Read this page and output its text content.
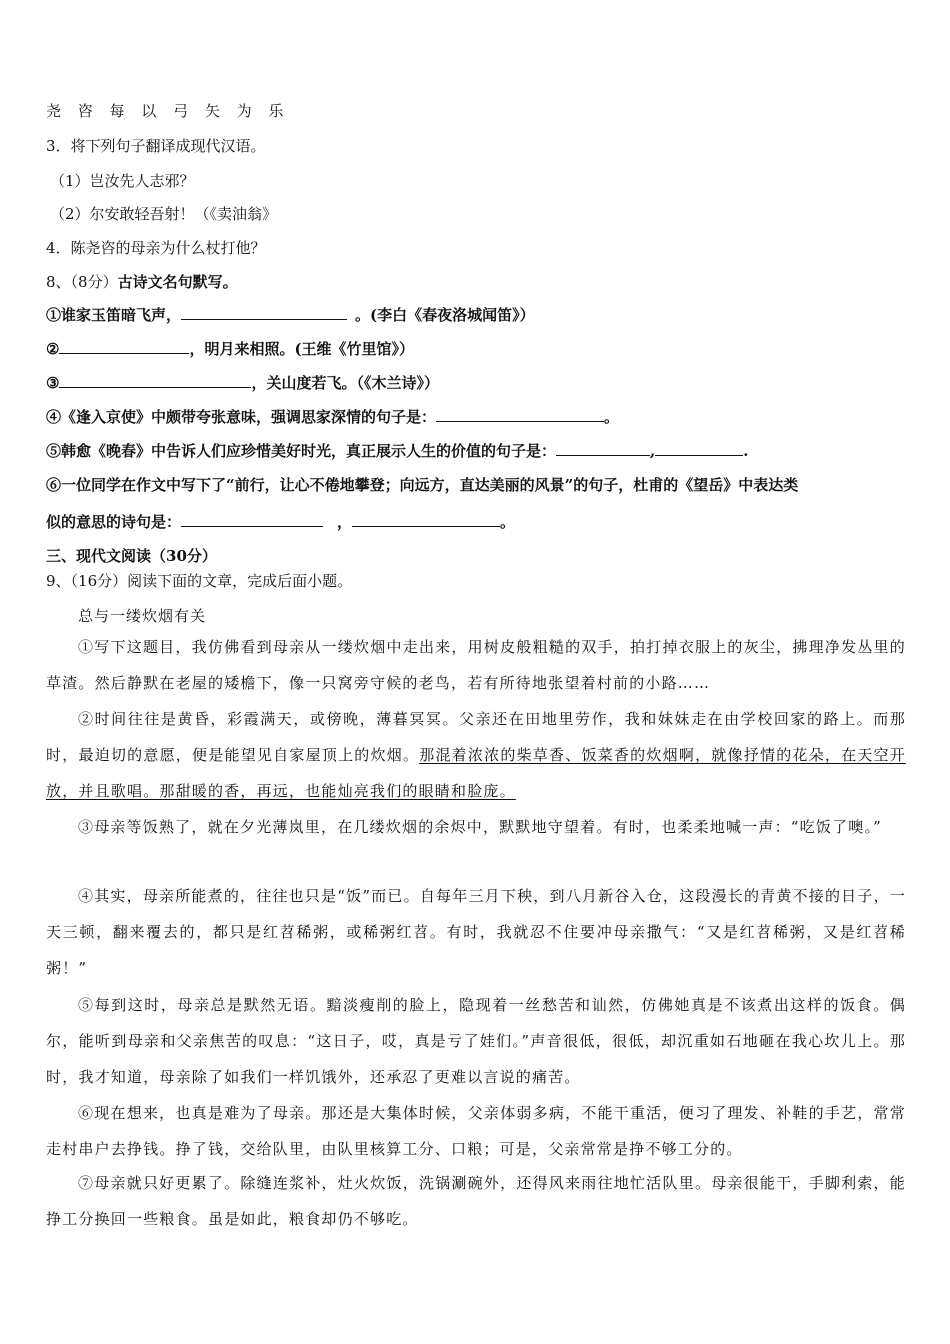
尧 咨 每 以 弓 矢 为 乐
3．将下列句子翻译成现代汉语。
（1）岂汝先人志邪？
（2）尔安敢轻吾射！（《卖油翁》
4．陈尧咨的母亲为什么杖打他？
8、（8分）古诗文名句默写。
①谁家玉笛暗飞声，	。(李白《春夜洛城闻笛》）
②	，明月来相照。(王维《竹里馆》）
③	，关山度若飞。（《木兰诗》）
④《逢入京使》中颇带夸张意味，强调思家深情的句子是：	。
⑤韩愈《晚春》中告诉人们应珍惜美好时光，真正展示人生的价值的句子是：	,	.
⑥一位同学在作文中写下了“前行，让心不倦地攀登；向远方，直达美丽的风景”的句子，杜甫的《望岳》中表达类
似的意思的诗句是：	，	。
三、现代文阅读（30分）
9、（16分）阅读下面的文章，完成后面小题。
总与一缕炊烟有关
①写下这题目，我仿佛看到母亲从一缕炊烟中走出来，用树皮般粗糙的双手，拍打掉衣服上的灰尘，拂理净发丛里的草渣。然后静默在老屋的矮檐下，像一只窝旁守候的老鸟，若有所待地张望着村前的小路……
②时间往往是黄昏，彩霞满天，或傍晚，薄暮冥冥。父亲还在田地里劳作，我和妹妹走在由学校回家的路上。而那时，最迫切的意愿，便是能望见自家屋顶上的炊烟。那混着浓浓的柴草香、饭菜香的炊烟啊，就像抒情的花朵，在天空开放，并且歌唱。那甜暖的香，再远，也能灿亮我们的眼睛和脸庞。
③母亲等饭熟了，就在夕光薄岚里，在几缕炊烟的余烬中，默默地守望着。有时，也柔柔地喊一声：“吃饭了噢。”
④其实，母亲所能煮的，往往也只是“饭”而已。自每年三月下秧，到八月新谷入仓，这段漫长的青黄不接的日子，一天三顿，翻来覆去的，都只是红苕稀粥，或稀粥红苕。有时，我就忍不住要冲母亲撒气：“又是红苕稀粥，又是红苕稀粥！”
⑤每到这时，母亲总是默然无语。黯淡瘦削的脸上，隐现着一丝愁苦和讪然，仿佛她真是不该煮出这样的饭食。偶尔，能听到母亲和父亲焦苦的叹息：“这日子，哎，真是亏了娃们。”声音很低，很低，却沉重如石地砸在我心坎儿上。那时，我才知道，母亲除了如我们一样饥饿外，还承忍了更难以言说的痛苦。
⑥现在想来，也真是难为了母亲。那还是大集体时候，父亲体弱多病，不能干重活，便习了理发、补鞋的手艺，常常走村串户去挣钱。挣了钱，交给队里，由队里核算工分、口粮；可是，父亲常常是挣不够工分的。
⑦母亲就只好更累了。除缝连浆补，灶火炊饭，洗锅涮碗外，还得风来雨往地忙活队里。母亲很能干，手脚利索，能挣工分换回一些粮食。虽是如此，粮食却仍不够吃。
